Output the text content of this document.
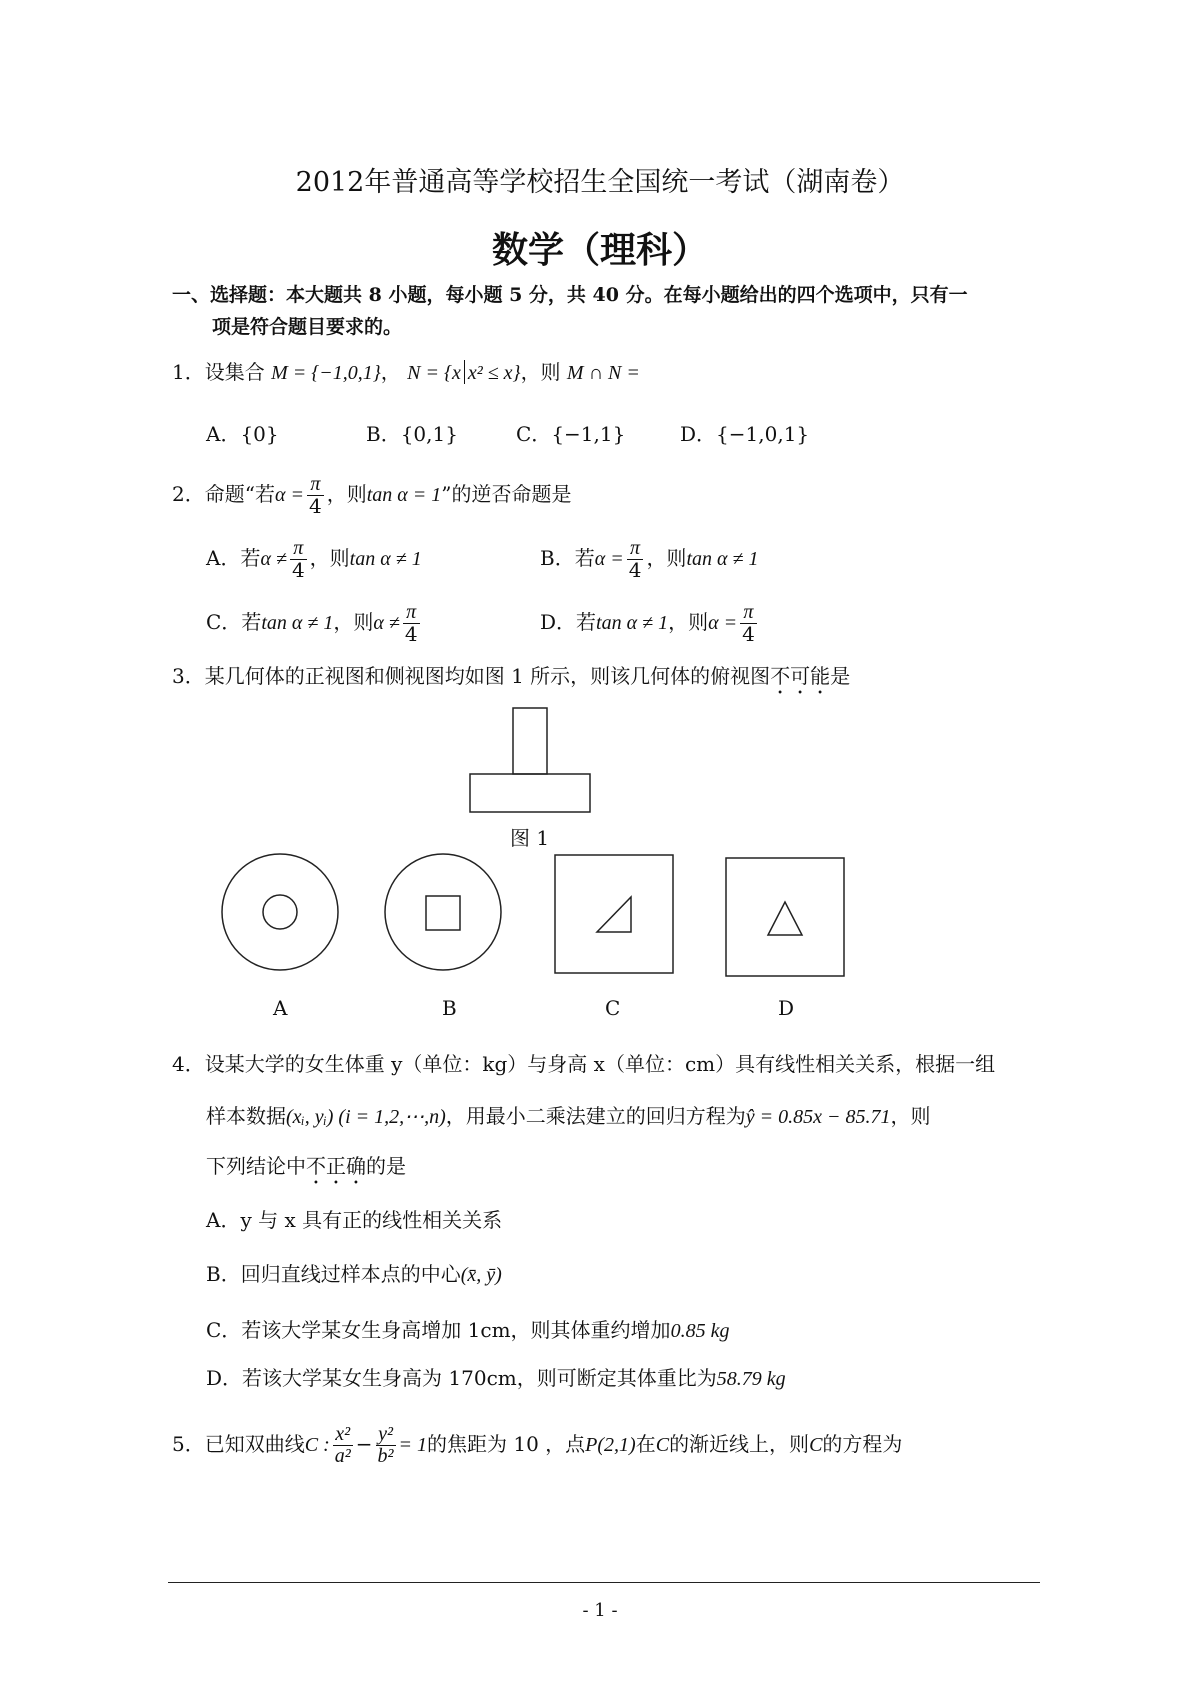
2012年普通高等学校招生全国统一考试（湖南卷）
数学（理科）
一、选择题：本大题共 8 小题，每小题 5 分，共 40 分。在每小题给出的四个选项中，只有一
项是符合题目要求的。
1．设集合 M = {−1,0,1}， N = {x x² ≤ x}，则 M ∩ N =
A．{0}	B．{0,1}	C．{−1,1}	D．{−1,0,1}
2．命题“若$\alpha = \frac{\pi}{4}$ ，则tan α = 1”的逆否命题是
A．若$\alpha \ne \frac{\pi}{4}$ ，则tan α ≠ 1	B．若$\alpha = \frac{\pi}{4}$ ，则tan α ≠ 1
C．若tan α ≠ 1，则$\alpha \ne \frac{\pi}{4}$	D．若tan α ≠ 1，则$\alpha = \frac{\pi}{4}$
3．某几何体的正视图和侧视图均如图 1 所示，则该几何体的俯视图不可能是
图 1
A	B	C	D
4．设某大学的女生体重 y（单位：kg）与身高 x（单位：cm）具有线性相关关系，根据一组
样本数据(xᵢ, yᵢ) (i = 1,2,⋯,n)，用最小二乘法建立的回归方程为ŷ = 0.85x − 85.71，则
下列结论中不正确的是
A．y 与 x 具有正的线性相关关系
B．回归直线过样本点的中心(x̄, ȳ)
C．若该大学某女生身高增加 1cm，则其体重约增加0.85 kg
D．若该大学某女生身高为 170cm，则可断定其体重比为58.79 kg
5．已知双曲线C : $\frac{\text{x²}}{\text{a²}} - \frac{\text{y²}}{\text{b²}} = 1$的焦距为 10 ，点P(2,1)在C的渐近线上，则C的方程为
- 1 -
